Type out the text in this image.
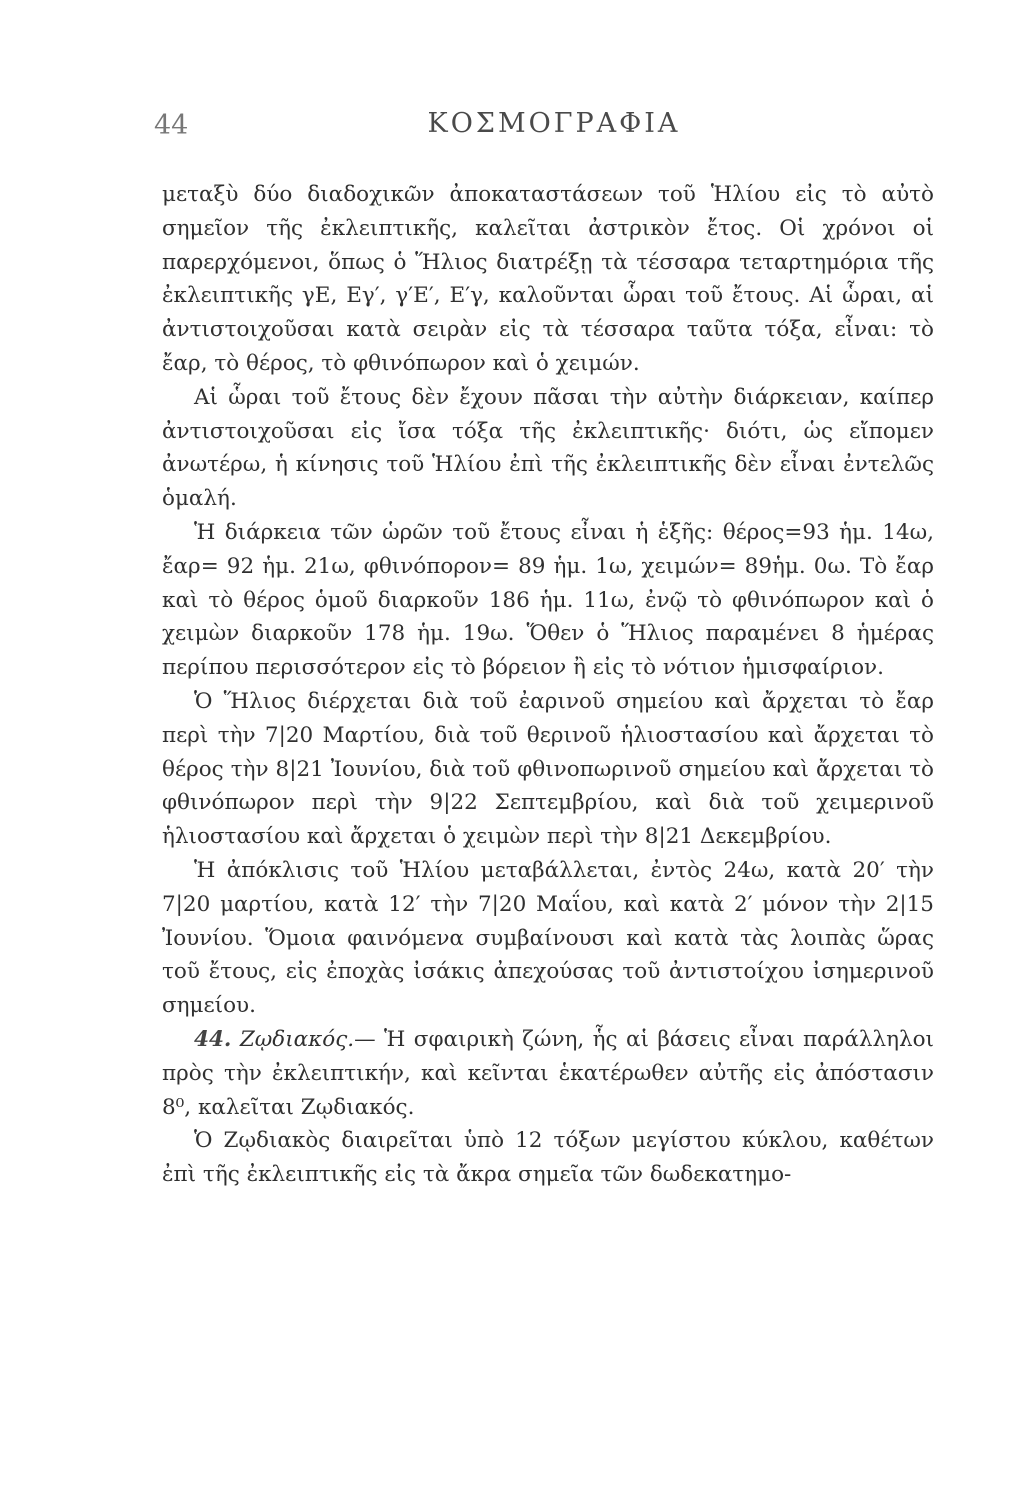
44	ΚΟΣΜΟΓΡΑΦΙΑ

μεταξὺ δύο διαδοχικῶν ἀποκαταστάσεων τοῦ Ἡλίου εἰς τὸ αὐτὸ σημεῖον τῆς ἐκλειπτικῆς, καλεῖται ἀστρικὸν ἔτος. Οἱ χρόνοι οἱ παρερχόμενοι, ὅπως ὁ Ἥλιος διατρέξῃ τὰ τέσσαρα τεταρτημόρια τῆς ἐκλειπτικῆς γΕ, Εγ′, γ′Ε′, Ε′γ, καλοῦνται ὧραι τοῦ ἔτους. Αἱ ὧραι, αἱ ἀντιστοιχοῦσαι κατὰ σειρὰν εἰς τὰ τέσσαρα ταῦτα τόξα, εἶναι: τὸ ἔαρ, τὸ θέρος, τὸ φθινόπωρον καὶ ὁ χειμών.

Αἱ ὧραι τοῦ ἔτους δὲν ἔχουν πᾶσαι τὴν αὐτὴν διάρκειαν, καίπερ ἀντιστοιχοῦσαι εἰς ἴσα τόξα τῆς ἐκλειπτικῆς· διότι, ὡς εἴπομεν ἀνωτέρω, ἡ κίνησις τοῦ Ἡλίου ἐπὶ τῆς ἐκλειπτικῆς δὲν εἶναι ἐντελῶς ὁμαλή.

Ἡ διάρκεια τῶν ὡρῶν τοῦ ἔτους εἶναι ἡ ἑξῆς: θέρος=93 ἡμ. 14ω, ἔαρ= 92 ἡμ. 21ω, φθινόπορον= 89 ἡμ. 1ω, χειμών= 89ἡμ. 0ω. Τὸ ἔαρ καὶ τὸ θέρος ὁμοῦ διαρκοῦν 186 ἡμ. 11ω, ἐνῷ τὸ φθινόπωρον καὶ ὁ χειμὼν διαρκοῦν 178 ἡμ. 19ω. Ὅθεν ὁ Ἥλιος παραμένει 8 ἡμέρας περίπου περισσότερον εἰς τὸ βόρειον ἢ εἰς τὸ νότιον ἡμισφαίριον.

Ὁ Ἥλιος διέρχεται διὰ τοῦ ἐαρινοῦ σημείου καὶ ἄρχεται τὸ ἔαρ περὶ τὴν 7|20 Μαρτίου, διὰ τοῦ θερινοῦ ἡλιοστασίου καὶ ἄρχεται τὸ θέρος τὴν 8|21 Ἰουνίου, διὰ τοῦ φθινοπωρινοῦ σημείου καὶ ἄρχεται τὸ φθινόπωρον περὶ τὴν 9|22 Σεπτεμβρίου, καὶ διὰ τοῦ χειμερινοῦ ἡλιοστασίου καὶ ἄρχεται ὁ χειμὼν περὶ τὴν 8|21 Δεκεμβρίου.

Ἡ ἀπόκλισις τοῦ Ἡλίου μεταβάλλεται, ἐντὸς 24ω, κατὰ 20′ τὴν 7|20 μαρτίου, κατὰ 12′ τὴν 7|20 Μαΐου, καὶ κατὰ 2′ μόνον τὴν 2|15 Ἰουνίου. Ὅμοια φαινόμενα συμβαίνουσι καὶ κατὰ τὰς λοιπὰς ὥρας τοῦ ἔτους, εἰς ἐποχὰς ἰσάκις ἀπεχούσας τοῦ ἀντιστοίχου ἰσημερινοῦ σημείου.

44. Ζῳδιακός.— Ἡ σφαιρικὴ ζώνη, ἧς αἱ βάσεις εἶναι παράλληλοι πρὸς τὴν ἐκλειπτικήν, καὶ κεῖνται ἑκατέρωθεν αὐτῆς εἰς ἀπόστασιν 8⁰, καλεῖται Ζῳδιακός.

Ὁ Ζῳδιακὸς διαιρεῖται ὑπὸ 12 τόξων μεγίστου κύκλου, καθέτων ἐπὶ τῆς ἐκλειπτικῆς εἰς τὰ ἄκρα σημεῖα τῶν δωδεκατημο-
